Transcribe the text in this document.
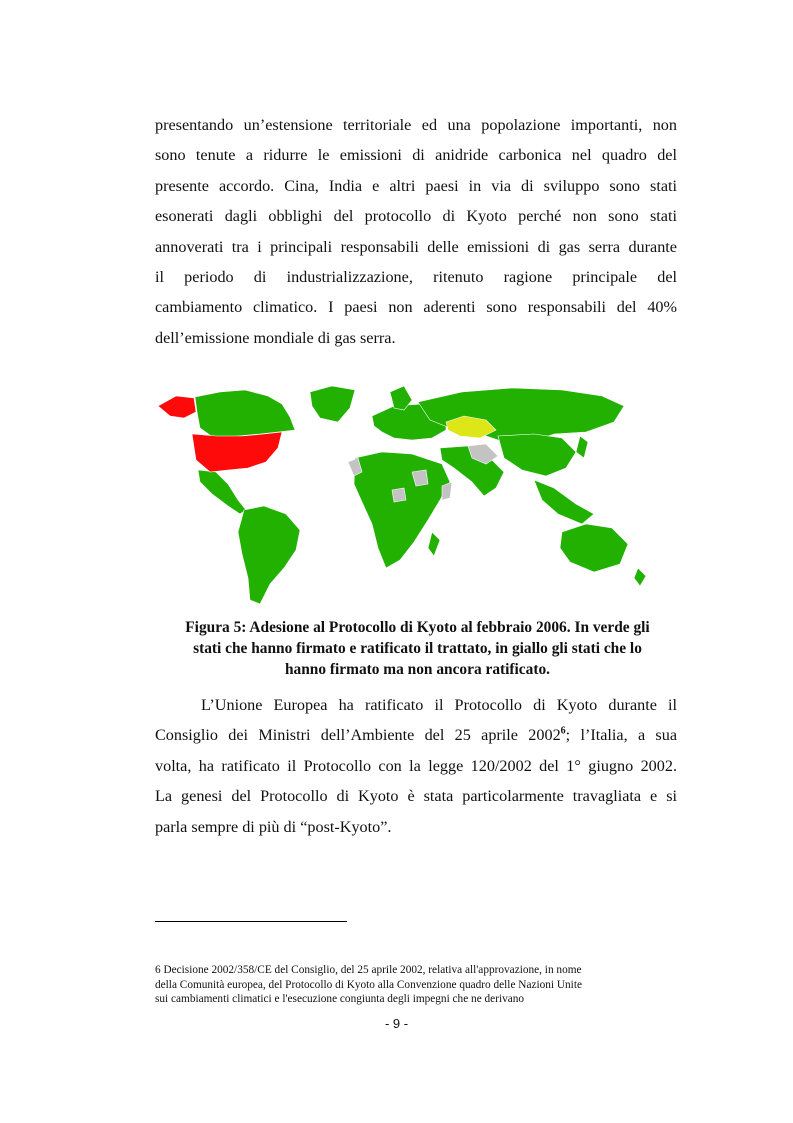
presentando un’estensione territoriale ed una popolazione importanti, non
sono tenute a ridurre le emissioni di anidride carbonica nel quadro del
presente accordo. Cina, India e altri paesi in via di sviluppo sono stati
esonerati dagli obblighi del protocollo di Kyoto perché non sono stati
annoverati tra i principali responsabili delle emissioni di gas serra durante
il periodo di industrializzazione, ritenuto ragione principale del
cambiamento climatico. I paesi non aderenti sono responsabili del 40%
dell’emissione mondiale di gas serra.
Figura 5: Adesione al Protocollo di Kyoto al febbraio 2006. In verde gli
stati che hanno firmato e ratificato il trattato, in giallo gli stati che lo
hanno firmato ma non ancora ratificato.
L’Unione Europea ha ratificato il Protocollo di Kyoto durante il
Consiglio dei Ministri dell’Ambiente del 25 aprile 2002$^6$; l’Italia, a sua
volta, ha ratificato il Protocollo con la legge 120/2002 del 1° giugno 2002.
La genesi del Protocollo di Kyoto è stata particolarmente travagliata e si
parla sempre di più di “post-Kyoto”.
6 Decisione 2002/358/CE del Consiglio, del 25 aprile 2002, relativa all'approvazione, in nome
della Comunità europea, del Protocollo di Kyoto alla Convenzione quadro delle Nazioni Unite
sui cambiamenti climatici e l'esecuzione congiunta degli impegni che ne derivano
- 9 -
